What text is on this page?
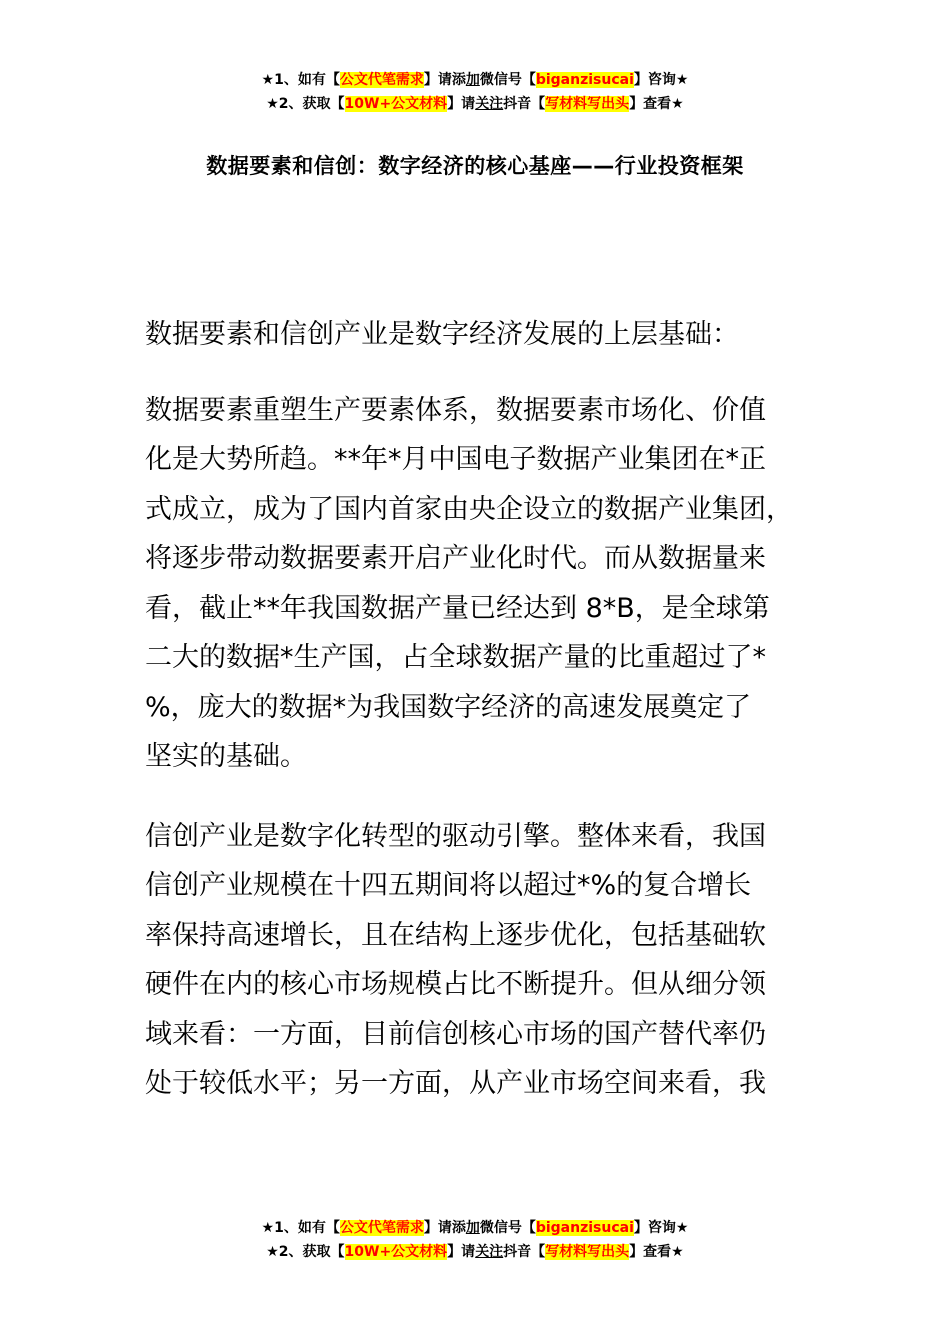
★1、如有【公文代笔需求】请添加微信号【biganzisucai】咨询★
★2、获取【10W+公文材料】请关注抖音【写材料写出头】查看★
数据要素和信创：数字经济的核心基座——行业投资框架
数据要素和信创产业是数字经济发展的上层基础：
数据要素重塑生产要素体系，数据要素市场化、价值
化是大势所趋。**年*月中国电子数据产业集团在*正
式成立，成为了国内首家由央企设立的数据产业集团，
将逐步带动数据要素开启产业化时代。而从数据量来
看，截止**年我国数据产量已经达到 8*B，是全球第
二大的数据*生产国，占全球数据产量的比重超过了*
%，庞大的数据*为我国数字经济的高速发展奠定了
坚实的基础。
信创产业是数字化转型的驱动引擎。整体来看，我国
信创产业规模在十四五期间将以超过*%的复合增长
率保持高速增长，且在结构上逐步优化，包括基础软
硬件在内的核心市场规模占比不断提升。但从细分领
域来看：一方面，目前信创核心市场的国产替代率仍
处于较低水平；另一方面，从产业市场空间来看，我
★1、如有【公文代笔需求】请添加微信号【biganzisucai】咨询★
★2、获取【10W+公文材料】请关注抖音【写材料写出头】查看★
